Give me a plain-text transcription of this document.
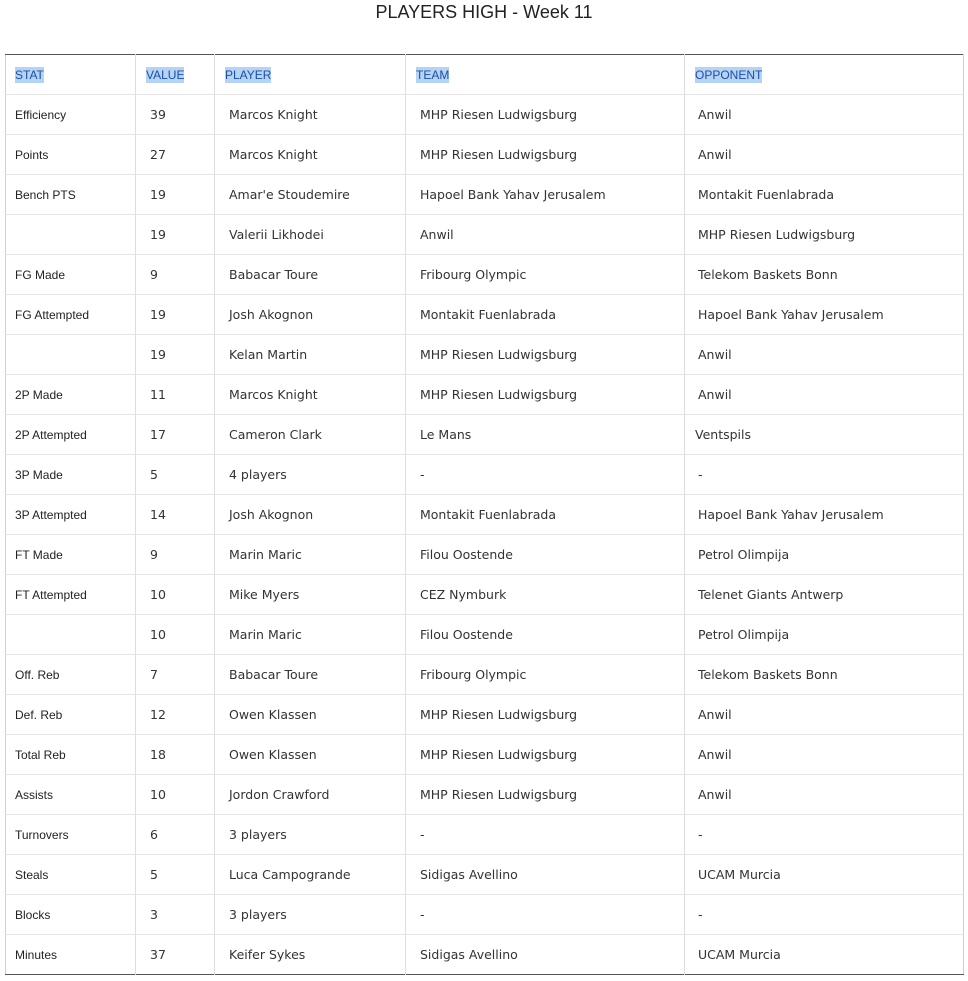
PLAYERS HIGH - Week 11
STAT	VALUE	PLAYER	TEAM	OPPONENT
Efficiency	39	Marcos Knight	MHP Riesen Ludwigsburg	Anwil
Points	27	Marcos Knight	MHP Riesen Ludwigsburg	Anwil
Bench PTS	19	Amar'e Stoudemire	Hapoel Bank Yahav Jerusalem	Montakit Fuenlabrada
	19	Valerii Likhodei	Anwil	MHP Riesen Ludwigsburg
FG Made	9	Babacar Toure	Fribourg Olympic	Telekom Baskets Bonn
FG Attempted	19	Josh Akognon	Montakit Fuenlabrada	Hapoel Bank Yahav Jerusalem
	19	Kelan Martin	MHP Riesen Ludwigsburg	Anwil
2P Made	11	Marcos Knight	MHP Riesen Ludwigsburg	Anwil
2P Attempted	17	Cameron Clark	Le Mans	Ventspils
3P Made	5	4 players	-	-
3P Attempted	14	Josh Akognon	Montakit Fuenlabrada	Hapoel Bank Yahav Jerusalem
FT Made	9	Marin Maric	Filou Oostende	Petrol Olimpija
FT Attempted	10	Mike Myers	CEZ Nymburk	Telenet Giants Antwerp
	10	Marin Maric	Filou Oostende	Petrol Olimpija
Off. Reb	7	Babacar Toure	Fribourg Olympic	Telekom Baskets Bonn
Def. Reb	12	Owen Klassen	MHP Riesen Ludwigsburg	Anwil
Total Reb	18	Owen Klassen	MHP Riesen Ludwigsburg	Anwil
Assists	10	Jordon Crawford	MHP Riesen Ludwigsburg	Anwil
Turnovers	6	3 players	-	-
Steals	5	Luca Campogrande	Sidigas Avellino	UCAM Murcia
Blocks	3	3 players	-	-
Minutes	37	Keifer Sykes	Sidigas Avellino	UCAM Murcia
